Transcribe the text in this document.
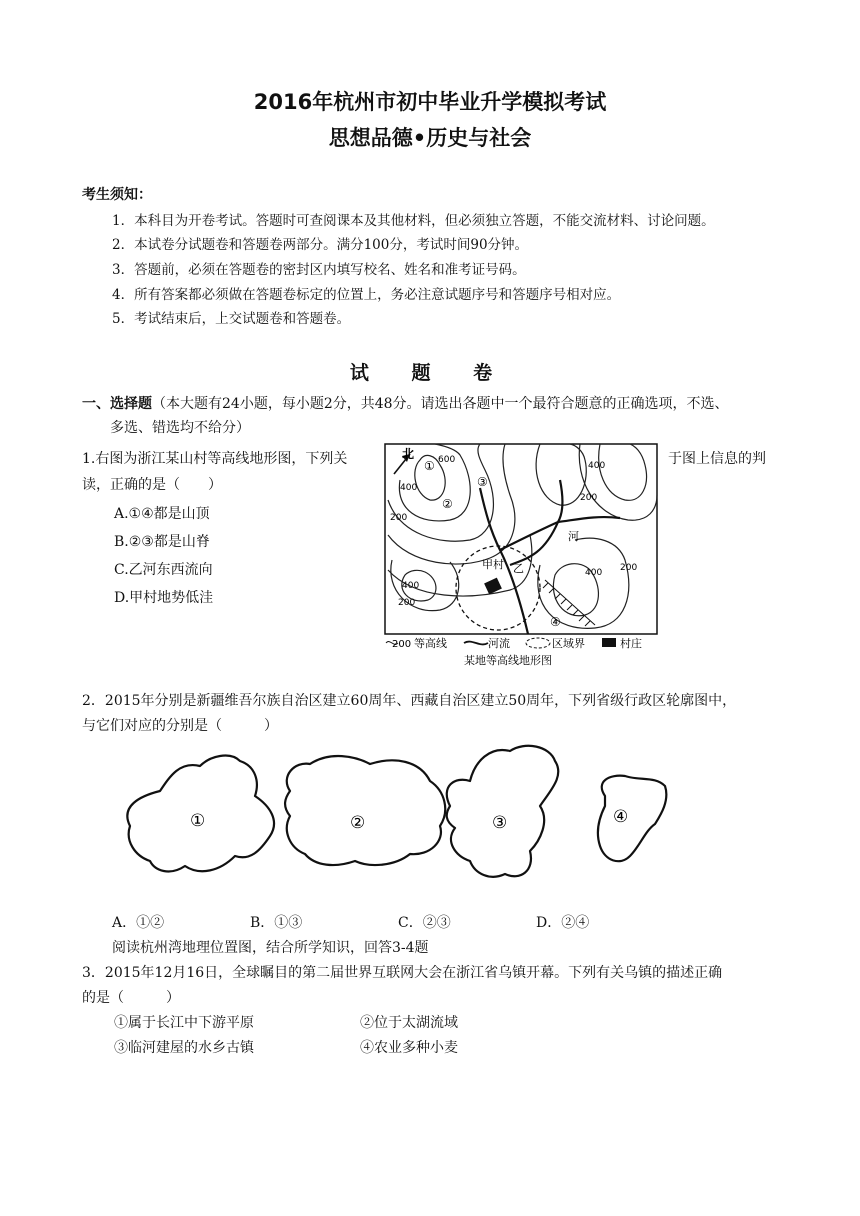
2016年杭州市初中毕业升学模拟考试
思想品德•历史与社会
考生须知：
1．本科目为开卷考试。答题时可查阅课本及其他材料，但必须独立答题，不能交流材料、讨论问题。
2．本试卷分试题卷和答题卷两部分。满分100分，考试时间90分钟。
3．答题前，必须在答题卷的密封区内填写校名、姓名和准考证号码。
4．所有答案都必须做在答题卷标定的位置上，务必注意试题序号和答题序号相对应。
5．考试结束后，上交试题卷和答题卷。
试 题 卷
一、选择题（本大题有24小题，每小题2分，共48分。请选出各题中一个最符合题意的正确选项，不选、
多选、错选均不给分）
1.右图为浙江某山村等高线地形图，下列关	于图上信息的判
读，正确的是（　　）
A.①④都是山顶
B.②③都是山脊
C.乙河东西流向
D.甲村地势低洼
北	600
400
200
400
200
400
200
400 200
①
②
③
④
河
乙
甲村
200 等高线	河流	区域界	村庄
某地等高线地形图
2．2015年分别是新疆维吾尔族自治区建立60周年、西藏自治区建立50周年，下列省级行政区轮廓图中，
与它们对应的分别是（　　　）
①	②	③	④
A．①②	B．①③	C．②③	D．②④
阅读杭州湾地理位置图，结合所学知识，回答3-4题
3．2015年12月16日，全球瞩目的第二届世界互联网大会在浙江省乌镇开幕。下列有关乌镇的描述正确
的是（　　　）
①属于长江中下游平原	②位于太湖流域
③临河建屋的水乡古镇	④农业多种小麦
